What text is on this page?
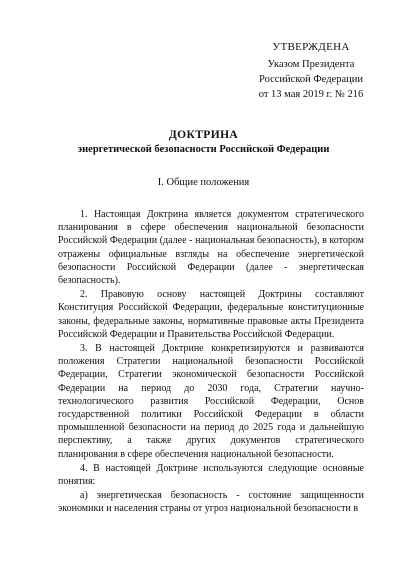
УТВЕРЖДЕНА
Указом Президента
Российской Федерации
от 13 мая 2019 г. № 216
ДОКТРИНА
энергетической безопасности Российской Федерации
I. Общие положения

1. Настоящая Доктрина является документом стратегического планирования в сфере обеспечения национальной безопасности Российской Федерации (далее - национальная безопасность), в котором отражены официальные взгляды на обеспечение энергетической безопасности Российской Федерации (далее - энергетическая безопасность).

2. Правовую основу настоящей Доктрины составляют Конституция Российской Федерации, федеральные конституционные законы, федеральные законы, нормативные правовые акты Президента Российской Федерации и Правительства Российской Федерации.

3. В настоящей Доктрине конкретизируются и развиваются положения Стратегии национальной безопасности Российской Федерации, Стратегии экономической безопасности Российской Федерации на период до 2030 года, Стратегии научно-технологического развития Российской Федерации, Основ государственной политики Российской Федерации в области промышленной безопасности на период до 2025 года и дальнейшую перспективу, а также других документов стратегического планирования в сфере обеспечения национальной безопасности.

4. В настоящей Доктрине используются следующие основные понятия:

а) энергетическая безопасность - состояние защищенности экономики и населения страны от угроз национальной безопасности в
